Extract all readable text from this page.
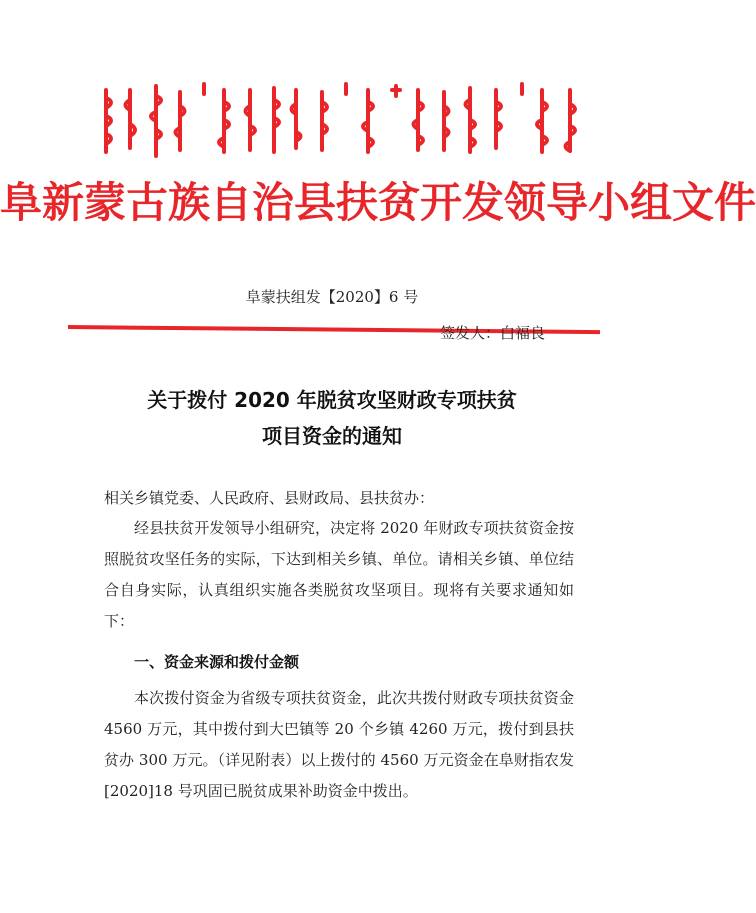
阜新蒙古族自治县扶贫开发领导小组文件
阜蒙扶组发【2020】6 号
签发人：白福良
关于拨付 2020 年脱贫攻坚财政专项扶贫
项目资金的通知
相关乡镇党委、人民政府、县财政局、县扶贫办：

经县扶贫开发领导小组研究，决定将 2020 年财政专项扶贫资金按照脱贫攻坚任务的实际，下达到相关乡镇、单位。请相关乡镇、单位结合自身实际，认真组织实施各类脱贫攻坚项目。现将有关要求通知如下：

一、资金来源和拨付金额

本次拨付资金为省级专项扶贫资金，此次共拨付财政专项扶贫资金 4560 万元，其中拨付到大巴镇等 20 个乡镇 4260 万元，拨付到县扶贫办 300 万元。（详见附表）以上拨付的 4560 万元资金在阜财指农发[2020]18 号巩固已脱贫成果补助资金中拨出。
